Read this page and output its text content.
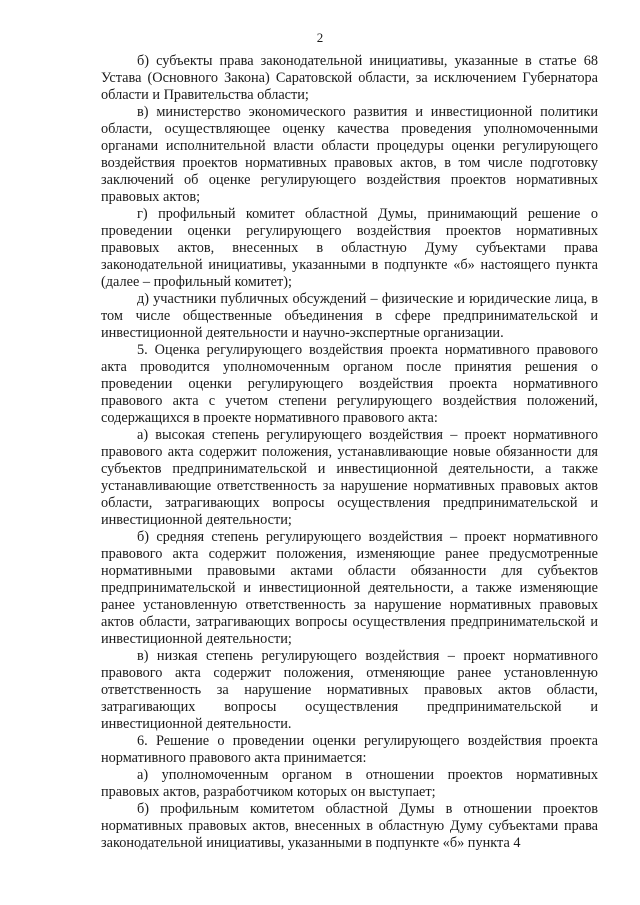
2

б) субъекты права законодательной инициативы, указанные в статье 68 Устава (Основного Закона) Саратовской области, за исключением Губернатора области и Правительства области;

в) министерство экономического развития и инвестиционной политики области, осуществляющее оценку качества проведения уполномоченными органами исполнительной власти области процедуры оценки регулирующего воздействия проектов нормативных правовых актов, в том числе подготовку заключений об оценке регулирующего воздействия проектов нормативных правовых актов;

г) профильный комитет областной Думы, принимающий решение о проведении оценки регулирующего воздействия проектов нормативных правовых актов, внесенных в областную Думу субъектами права законодательной инициативы, указанными в подпункте «б» настоящего пункта (далее – профильный комитет);

д) участники публичных обсуждений – физические и юридические лица, в том числе общественные объединения в сфере предпринимательской и инвестиционной деятельности и научно-экспертные организации.

5. Оценка регулирующего воздействия проекта нормативного правового акта проводится уполномоченным органом после принятия решения о проведении оценки регулирующего воздействия проекта нормативного правового акта с учетом степени регулирующего воздействия положений, содержащихся в проекте нормативного правового акта:

а) высокая степень регулирующего воздействия – проект нормативного правового акта содержит положения, устанавливающие новые обязанности для субъектов предпринимательской и инвестиционной деятельности, а также устанавливающие ответственность за нарушение нормативных правовых актов области, затрагивающих вопросы осуществления предпринимательской и инвестиционной деятельности;

б) средняя степень регулирующего воздействия – проект нормативного правового акта содержит положения, изменяющие ранее предусмотренные нормативными правовыми актами области обязанности для субъектов предпринимательской и инвестиционной деятельности, а также изменяющие ранее установленную ответственность за нарушение нормативных правовых актов области, затрагивающих вопросы осуществления предпринимательской и инвестиционной деятельности;

в) низкая степень регулирующего воздействия – проект нормативного правового акта содержит положения, отменяющие ранее установленную ответственность за нарушение нормативных правовых актов области, затрагивающих вопросы осуществления предпринимательской и инвестиционной деятельности.

6. Решение о проведении оценки регулирующего воздействия проекта нормативного правового акта принимается:

а) уполномоченным органом в отношении проектов нормативных правовых актов, разработчиком которых он выступает;

б) профильным комитетом областной Думы в отношении проектов нормативных правовых актов, внесенных в областную Думу субъектами права законодательной инициативы, указанными в подпункте «б» пункта 4
